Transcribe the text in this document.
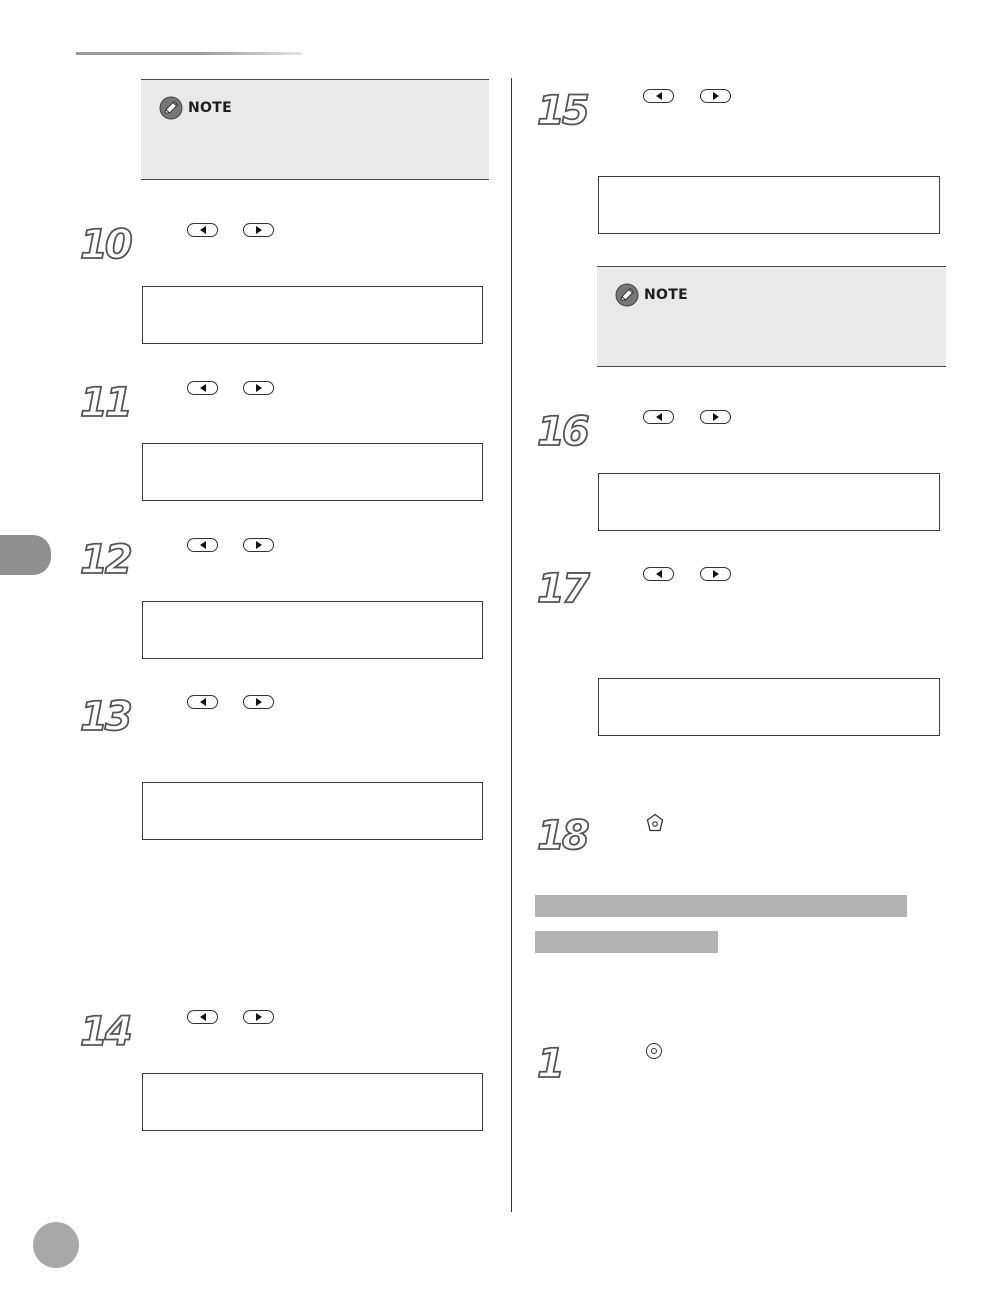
NOTE
10
11
12
13
14
15
NOTE
16
17
18
1
